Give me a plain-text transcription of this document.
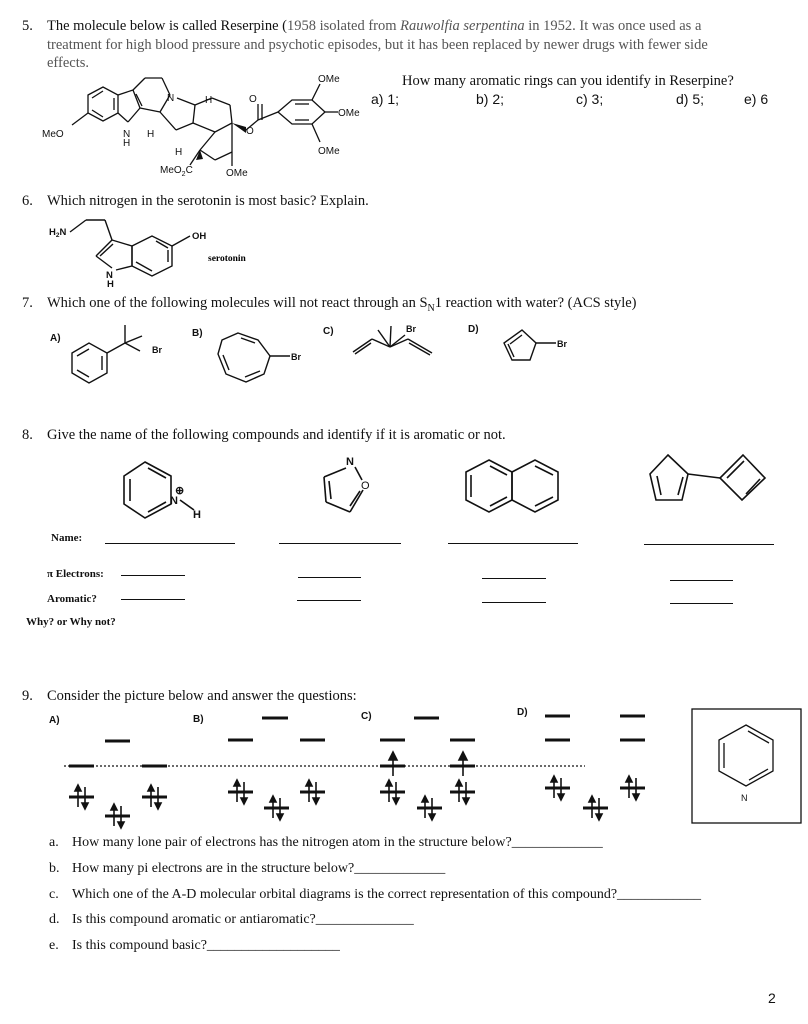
5. The molecule below is called Reserpine (1958 isolated from Rauwolfia serpentina in 1952. It was once used as a
treatment for high blood pressure and psychotic episodes, but it has been replaced by newer drugs with fewer side
effects.
How many aromatic rings can you identify in Reserpine?
a) 1;	b) 2;	c) 3;	d) 5;	e) 6
N
N
H
H
H
H
MeO
OMe
OMe
OMe
OMe
O
O
MeO$_2$C
6. Which nitrogen in the serotonin is most basic? Explain.
$H_2N$	OH
N
H
serotonin
7. Which one of the following molecules will not react through an $S_N1$ reaction with water? (ACS style)
A)	B)	C)	D)
Br
Br
Br
Br
8. Give the name of the following compounds and identify if it is aromatic or not.
N
⊕
H
N
O
Name:
π Electrons:
Aromatic?
Why? or Why not?
9. Consider the picture below and answer the questions:
A)	B)	C)	D)
N
a. How many lone pair of electrons has the nitrogen atom in the structure below?_____________
b. How many pi electrons are in the structure below?_____________
c. Which one of the A-D molecular orbital diagrams is the correct representation of this compound?____________
d. Is this compound aromatic or antiaromatic?______________
e. Is this compound basic?___________________
2
